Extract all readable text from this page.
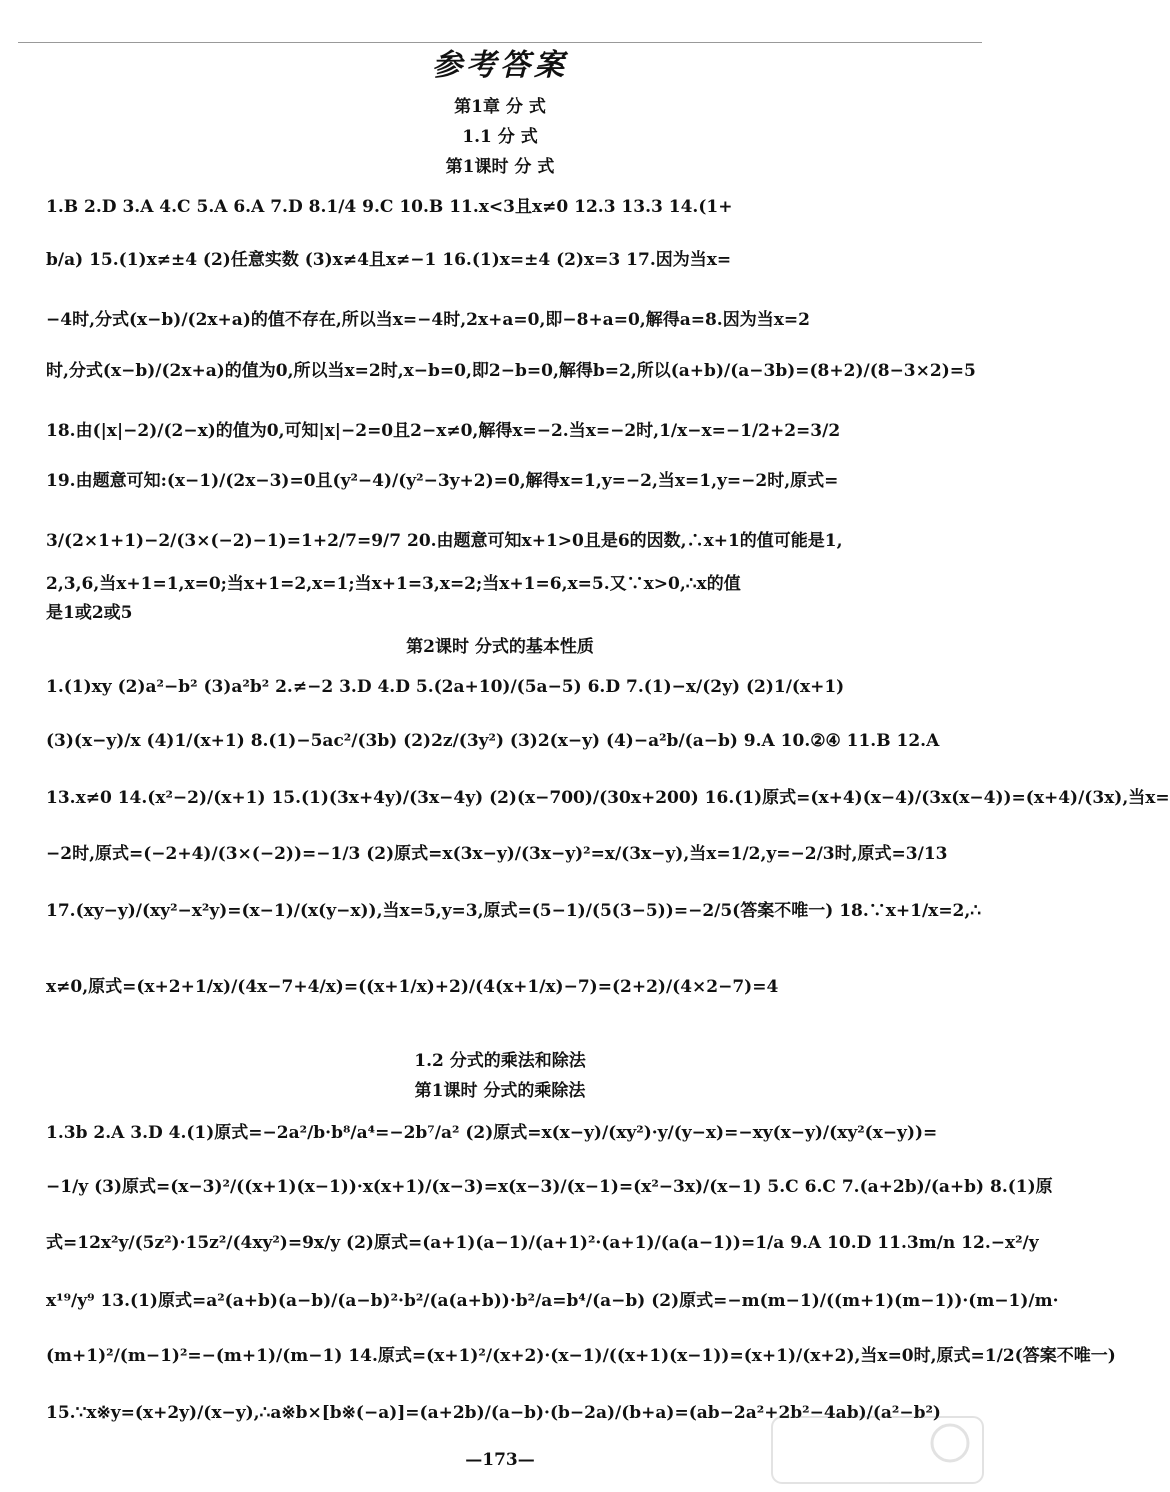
参考答案
第1章 分 式
1.1 分 式
第1课时 分 式
1.B 2.D 3.A 4.C 5.A 6.A 7.D 8.1/4 9.C 10.B 11.x<3且x≠0 12.3 13.3 14.(1+
b/a) 15.(1)x≠±4 (2)任意实数 (3)x≠4且x≠−1 16.(1)x=±4 (2)x=3 17.因为当x=
−4时,分式(x−b)/(2x+a)的值不存在,所以当x=−4时,2x+a=0,即−8+a=0,解得a=8.因为当x=2
时,分式(x−b)/(2x+a)的值为0,所以当x=2时,x−b=0,即2−b=0,解得b=2,所以(a+b)/(a−3b)=(8+2)/(8−3×2)=5
18.由(|x|−2)/(2−x)的值为0,可知|x|−2=0且2−x≠0,解得x=−2.当x=−2时,1/x−x=−1/2+2=3/2
19.由题意可知:(x−1)/(2x−3)=0且(y²−4)/(y²−3y+2)=0,解得x=1,y=−2,当x=1,y=−2时,原式=
3/(2×1+1)−2/(3×(−2)−1)=1+2/7=9/7 20.由题意可知x+1>0且是6的因数,∴x+1的值可能是1,
2,3,6,当x+1=1,x=0;当x+1=2,x=1;当x+1=3,x=2;当x+1=6,x=5.又∵x>0,∴x的值
是1或2或5
第2课时 分式的基本性质
1.(1)xy (2)a²−b² (3)a²b² 2.≠−2 3.D 4.D 5.(2a+10)/(5a−5) 6.D 7.(1)−x/(2y) (2)1/(x+1)
(3)(x−y)/x (4)1/(x+1) 8.(1)−5ac²/(3b) (2)2z/(3y²) (3)2(x−y) (4)−a²b/(a−b) 9.A 10.②④ 11.B 12.A
13.x≠0 14.(x²−2)/(x+1) 15.(1)(3x+4y)/(3x−4y) (2)(x−700)/(30x+200) 16.(1)原式=(x+4)(x−4)/(3x(x−4))=(x+4)/(3x),当x=
−2时,原式=(−2+4)/(3×(−2))=−1/3 (2)原式=x(3x−y)/(3x−y)²=x/(3x−y),当x=1/2,y=−2/3时,原式=3/13
17.(xy−y)/(xy²−x²y)=(x−1)/(x(y−x)),当x=5,y=3,原式=(5−1)/(5(3−5))=−2/5(答案不唯一) 18.∵x+1/x=2,∴
x≠0,原式=(x+2+1/x)/(4x−7+4/x)=((x+1/x)+2)/(4(x+1/x)−7)=(2+2)/(4×2−7)=4
1.2 分式的乘法和除法
第1课时 分式的乘除法
1.3b 2.A 3.D 4.(1)原式=−2a²/b·b⁸/a⁴=−2b⁷/a² (2)原式=x(x−y)/(xy²)·y/(y−x)=−xy(x−y)/(xy²(x−y))=
−1/y (3)原式=(x−3)²/((x+1)(x−1))·x(x+1)/(x−3)=x(x−3)/(x−1)=(x²−3x)/(x−1) 5.C 6.C 7.(a+2b)/(a+b) 8.(1)原
式=12x²y/(5z²)·15z²/(4xy²)=9x/y (2)原式=(a+1)(a−1)/(a+1)²·(a+1)/(a(a−1))=1/a 9.A 10.D 11.3m/n 12.−x²/y
x¹⁹/y⁹ 13.(1)原式=a²(a+b)(a−b)/(a−b)²·b²/(a(a+b))·b²/a=b⁴/(a−b) (2)原式=−m(m−1)/((m+1)(m−1))·(m−1)/m·
(m+1)²/(m−1)²=−(m+1)/(m−1) 14.原式=(x+1)²/(x+2)·(x−1)/((x+1)(x−1))=(x+1)/(x+2),当x=0时,原式=1/2(答案不唯一)
15.∵x※y=(x+2y)/(x−y),∴a※b×[b※(−a)]=(a+2b)/(a−b)·(b−2a)/(b+a)=(ab−2a²+2b²−4ab)/(a²−b²)
—173—
